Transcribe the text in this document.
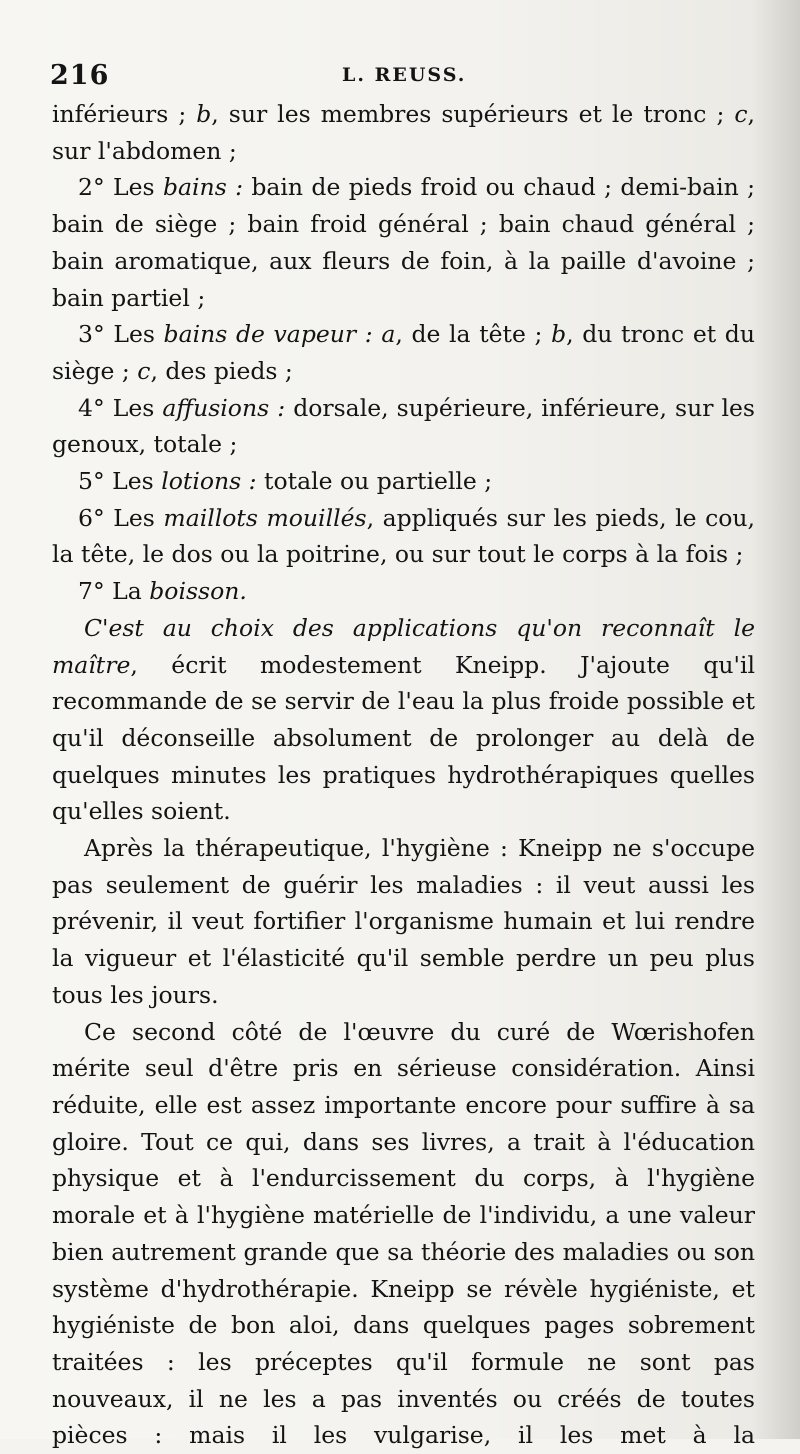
216	L. REUSS.

inférieurs ; b, sur les membres supérieurs et le tronc ; c, sur l'abdomen ;

2° Les bains : bain de pieds froid ou chaud ; demi-bain ; bain de siège ; bain froid général ; bain chaud général ; bain aromatique, aux fleurs de foin, à la paille d'avoine ; bain partiel ;

3° Les bains de vapeur : a, de la tête ; b, du tronc et du siège ; c, des pieds ;

4° Les affusions : dorsale, supérieure, inférieure, sur les genoux, totale ;

5° Les lotions : totale ou partielle ;

6° Les maillots mouillés, appliqués sur les pieds, le cou, la tête, le dos ou la poitrine, ou sur tout le corps à la fois ;

7° La boisson.

C'est au choix des applications qu'on reconnaît le maître, écrit modestement Kneipp. J'ajoute qu'il recommande de se servir de l'eau la plus froide possible et qu'il déconseille absolument de prolonger au delà de quelques minutes les pratiques hydrothérapiques quelles qu'elles soient.

Après la thérapeutique, l'hygiène : Kneipp ne s'occupe pas seulement de guérir les maladies : il veut aussi les prévenir, il veut fortifier l'organisme humain et lui rendre la vigueur et l'élasticité qu'il semble perdre un peu plus tous les jours.

Ce second côté de l'œuvre du curé de Wœrishofen mérite seul d'être pris en sérieuse considération. Ainsi réduite, elle est assez importante encore pour suffire à sa gloire. Tout ce qui, dans ses livres, a trait à l'éducation physique et à l'endurcissement du corps, à l'hygiène morale et à l'hygiène matérielle de l'individu, a une valeur bien autrement grande que sa théorie des maladies ou son système d'hydrothérapie. Kneipp se révèle hygiéniste, et hygiéniste de bon aloi, dans quelques pages sobrement traitées : les préceptes qu'il formule ne sont pas nouveaux, il ne les a pas inventés ou créés de toutes pièces : mais il les vulgarise, il les met à la
